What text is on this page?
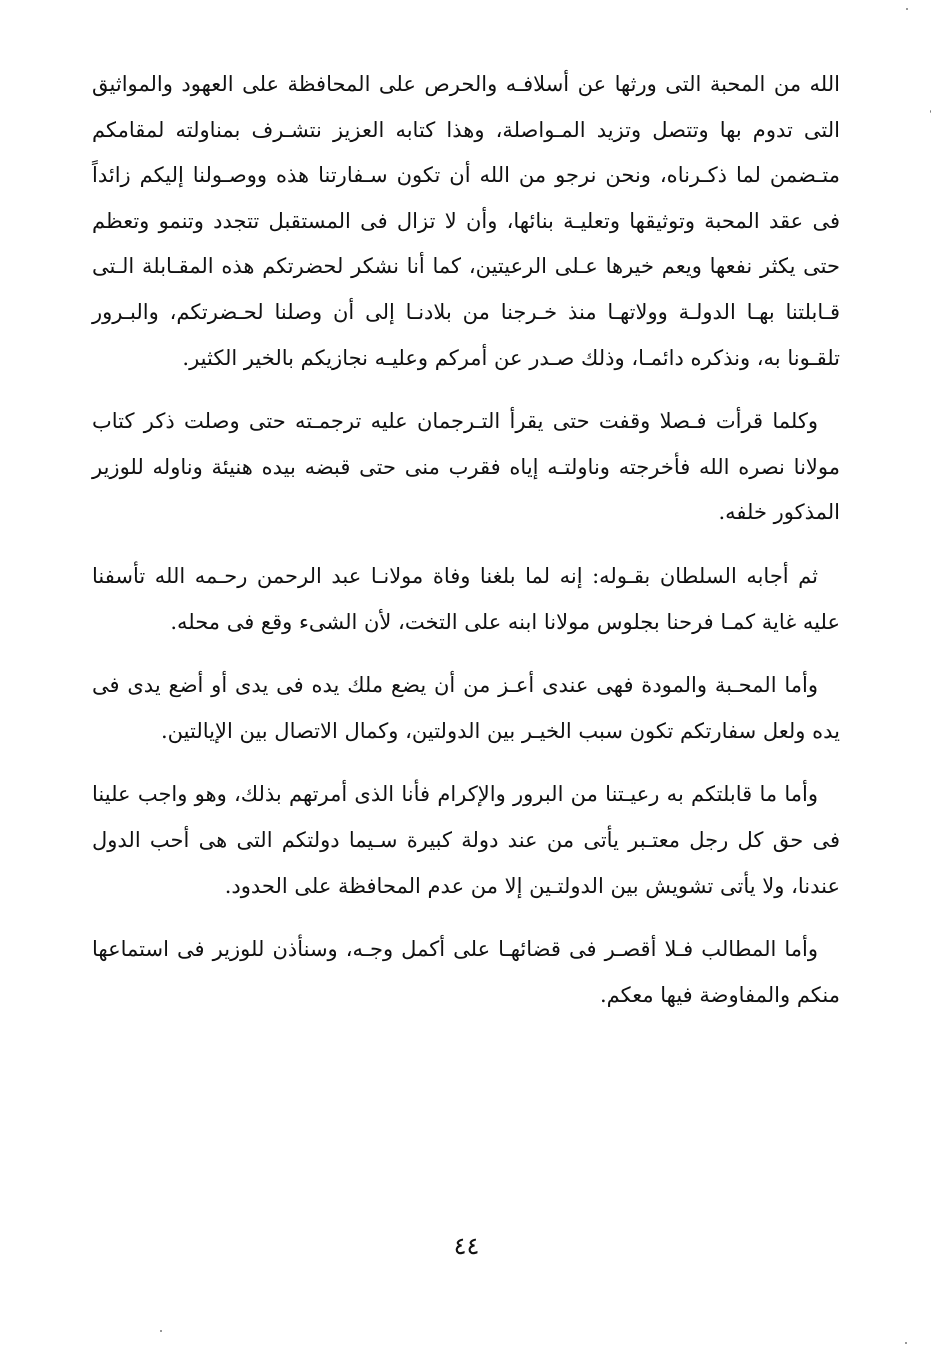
الله من المحبة التى ورثها عن أسلافـه والحرص على المحافظة على العهود والمواثيق التى تدوم بها وتتصل وتزيد المـواصلة، وهذا كتابه العزيز نتشـرف بمناولته لمقامكم متـضمن لما ذكـرناه، ونحن نرجو من الله أن تكون سـفارتنا هذه ووصـولنا إليكم زائداً فى عقد المحبة وتوثيقها وتعليـة بنائها، وأن لا تزال فى المستقبل تتجدد وتنمو وتعظم حتى يكثر نفعها ويعم خيرها عـلى الرعيتين، كما أنا نشكر لحضرتكم هذه المقـابلة الـتى قـابلتنا بهـا الدولـة وولاتهـا منذ خـرجنا من بلادنـا إلى أن وصلنا لحـضرتكم، والبـرور تلقـونا به، ونذكره دائمـا، وذلك صـدر عن أمركم وعليـه نجازيكم بالخير الكثير.

وكلما قرأت فـصلا وقفت حتى يقرأ التـرجمان عليه ترجمـته حتى وصلت ذكر كتاب مولانا نصره الله فأخرجته وناولتـه إياه فقرب منى حتى قبضه بيده هنيئة وناوله للوزير المذكور خلفه.

ثم أجابه السلطان بقـوله: إنه لما بلغنا وفاة مولانـا عبد الرحمن رحـمه الله تأسفنا عليه غاية كمـا فرحنا بجلوس مولانا ابنه على التخت، لأن الشىء وقع فى محله.

وأما المحـبة والمودة فهى عندى أعـز من أن يضع ملك يده فى يدى أو أضع يدى فى يده ولعل سفارتكم تكون سبب الخيـر بين الدولتين، وكمال الاتصال بين الإيالتين.

وأما ما قابلتكم به رعيـتنا من البرور والإكرام فأنا الذى أمرتهم بذلك، وهو واجب علينا فى حق كل رجل معتـبر يأتى من عند دولة كبيرة سـيما دولتكم التى هى أحب الدول عندنا، ولا يأتى تشويش بين الدولتـين إلا من عدم المحافظة على الحدود.

وأما المطالب فـلا أقصـر فى قضائهـا على أكمل وجـه، وسنأذن للوزير فى استماعها منكم والمفاوضة فيها معكم.

٤٤
